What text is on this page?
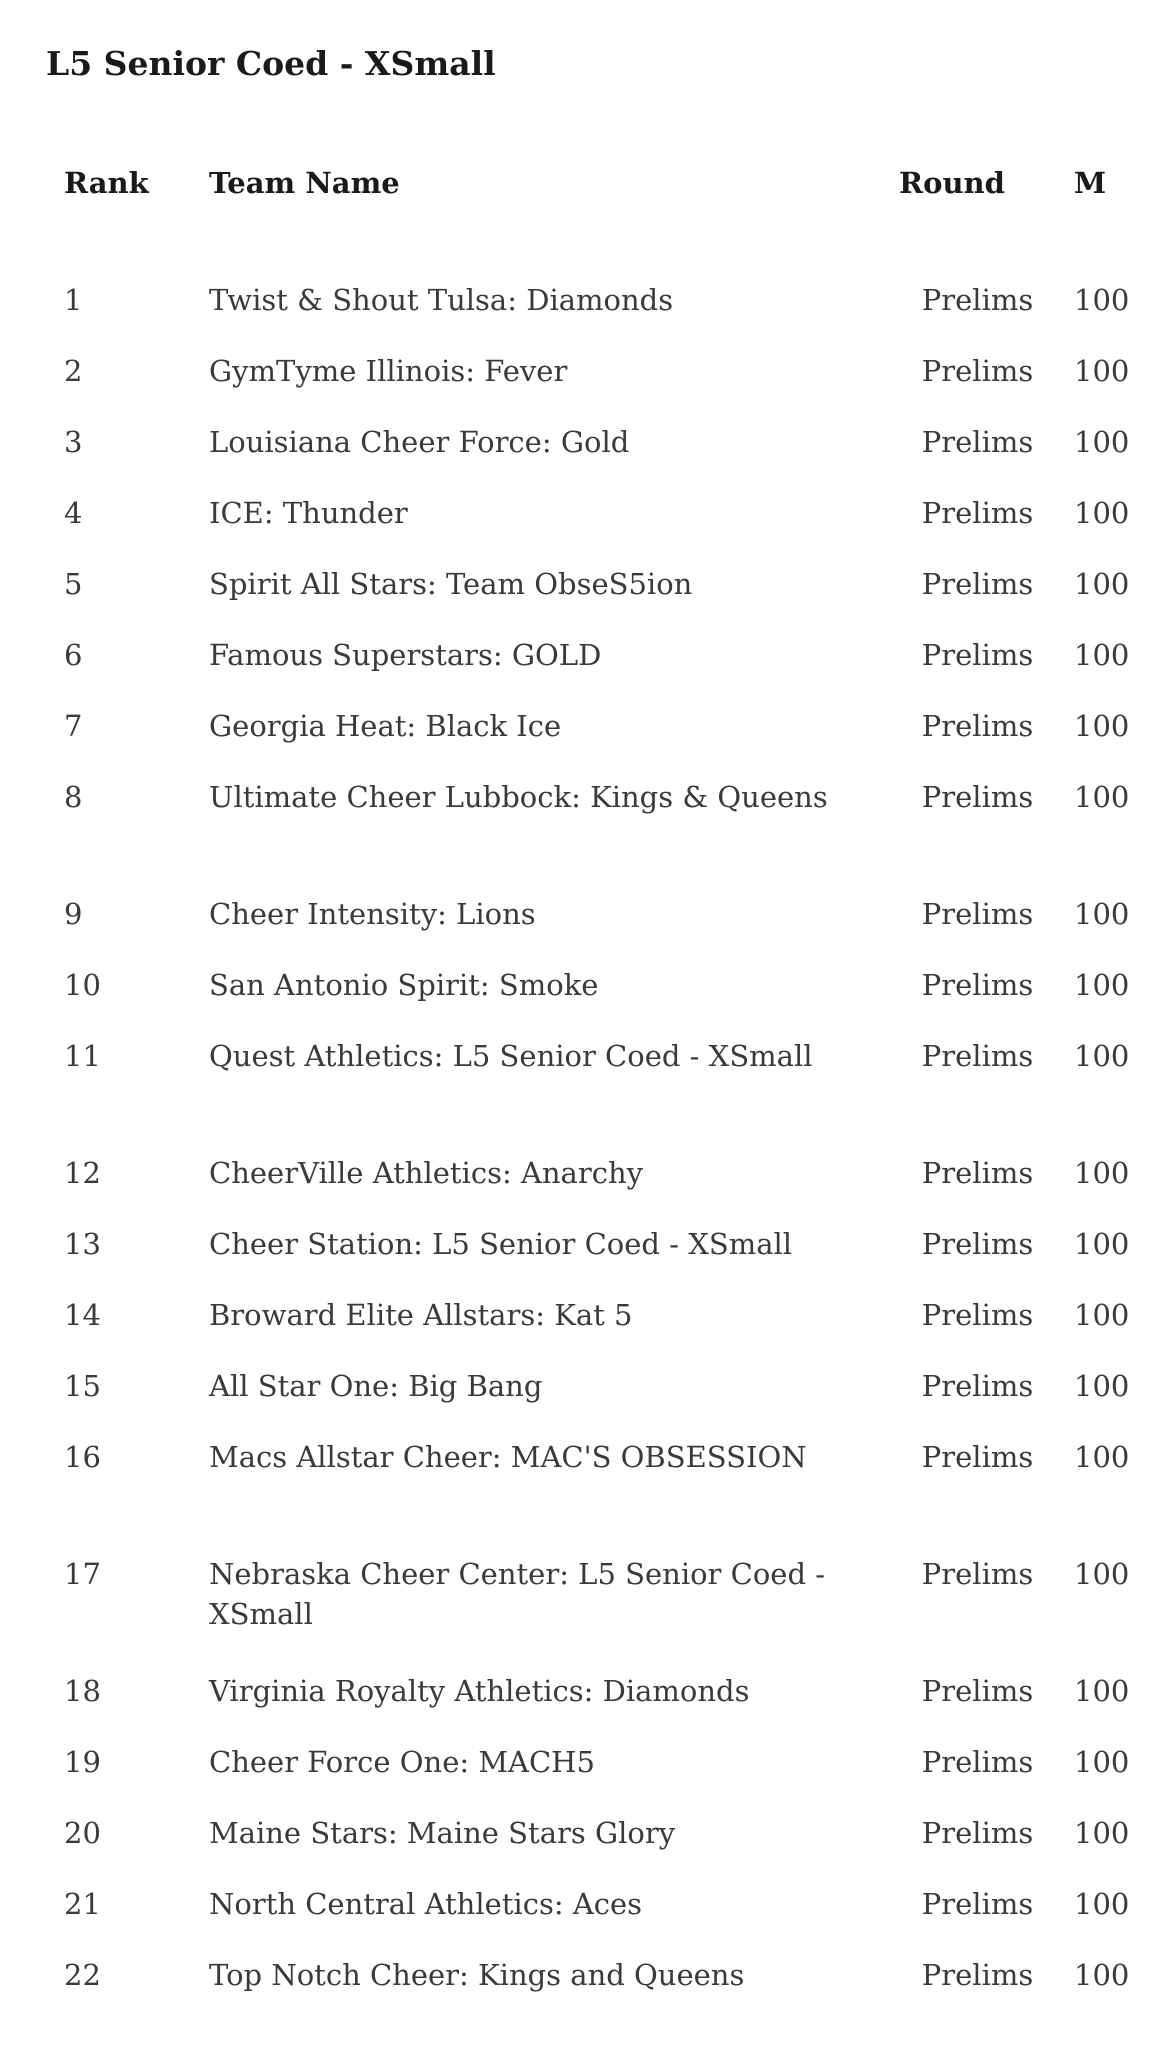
L5 Senior Coed - XSmall
Rank	Team Name	Round	M

1	Twist & Shout Tulsa: Diamonds	Prelims	100
2	GymTyme Illinois: Fever	Prelims	100
3	Louisiana Cheer Force: Gold	Prelims	100
4	ICE: Thunder	Prelims	100
5	Spirit All Stars: Team ObseS5ion	Prelims	100
6	Famous Superstars: GOLD	Prelims	100
7	Georgia Heat: Black Ice	Prelims	100
8	Ultimate Cheer Lubbock: Kings & Queens	Prelims	100
9	Cheer Intensity: Lions	Prelims	100
10	San Antonio Spirit: Smoke	Prelims	100
11	Quest Athletics: L5 Senior Coed - XSmall	Prelims	100
12	CheerVille Athletics: Anarchy	Prelims	100
13	Cheer Station: L5 Senior Coed - XSmall	Prelims	100
14	Broward Elite Allstars: Kat 5	Prelims	100
15	All Star One: Big Bang	Prelims	100
16	Macs Allstar Cheer: MAC'S OBSESSION	Prelims	100
17	Nebraska Cheer Center: L5 Senior Coed - XSmall	Prelims	100
18	Virginia Royalty Athletics: Diamonds	Prelims	100
19	Cheer Force One: MACH5	Prelims	100
20	Maine Stars: Maine Stars Glory	Prelims	100
21	North Central Athletics: Aces	Prelims	100
22	Top Notch Cheer: Kings and Queens	Prelims	100
